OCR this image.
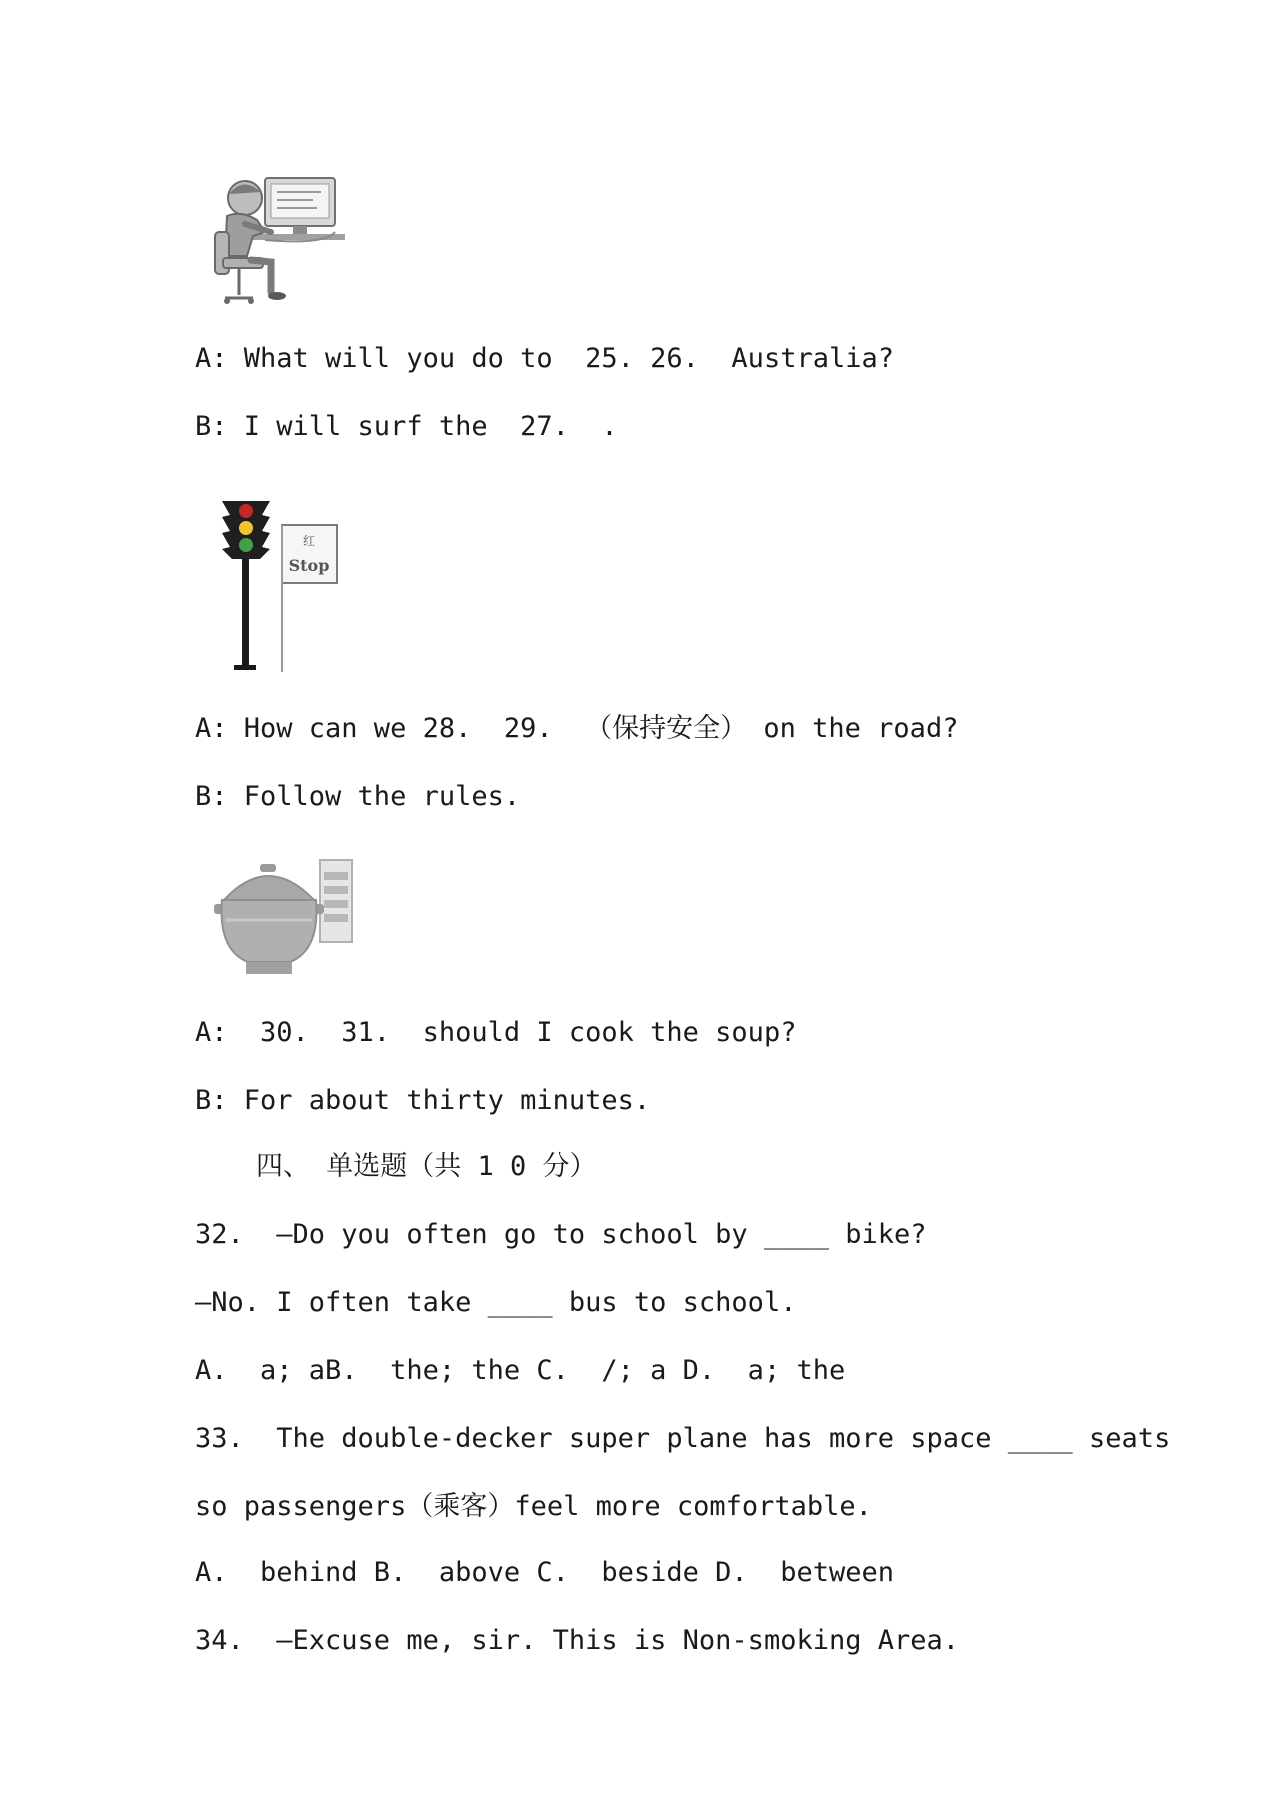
A: What will you do to  25. 26.  Australia?
B: I will surf the  27.  .
红
Stop
A: How can we 28.  29.  （保持安全） on the road?
B: Follow the rules.
A:  30.  31.  should I cook the soup?
B: For about thirty minutes.
四、 单选题（共 1 0 分）
32.  —Do you often go to school by ____ bike?
—No. I often take ____ bus to school.
A.  a; aB.  the; the C.  /; a D.  a; the
33.  The double-decker super plane has more space ____ seats
so passengers（乘客）feel more comfortable.
A.  behind B.  above C.  beside D.  between
34.  —Excuse me, sir. This is Non-smoking Area.
